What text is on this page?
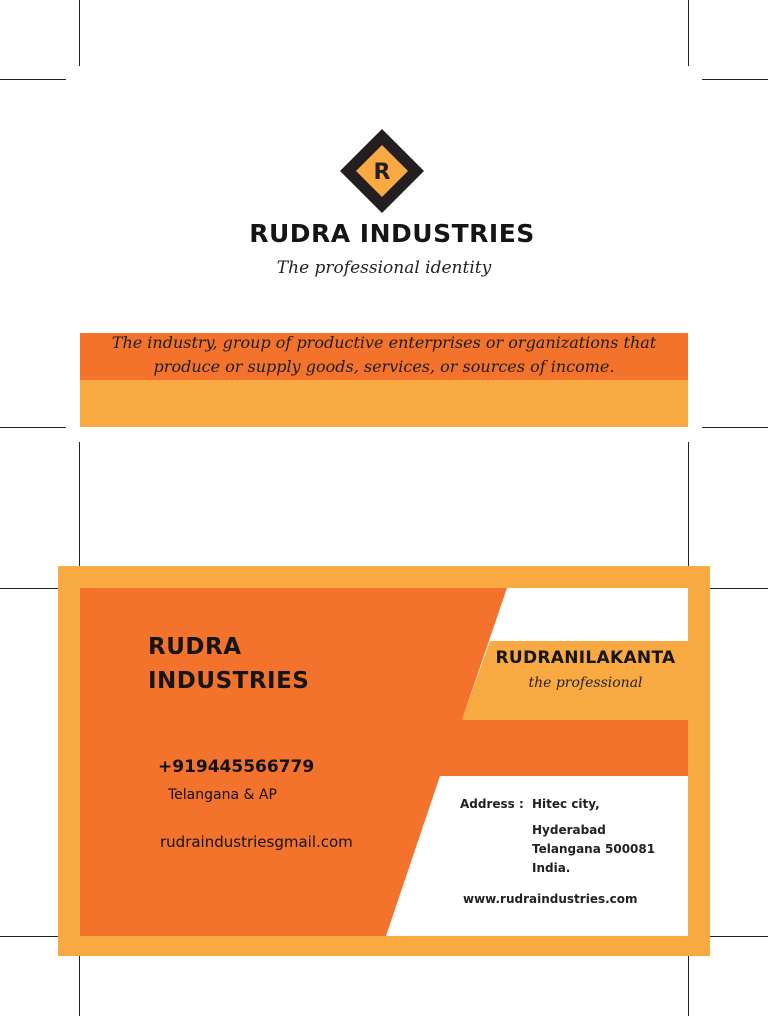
R
RUDRA INDUSTRIES
The professional identity
The industry, group of productive enterprises or organizations that
produce or supply goods, services, or sources of income.
RUDRA
INDUSTRIES
+919445566779
Telangana & AP
rudraindustriesgmail.com
RUDRANILAKANTA
the professional
Address : Hitec city,
Hyderabad
Telangana 500081
India.
www.rudraindustries.com
